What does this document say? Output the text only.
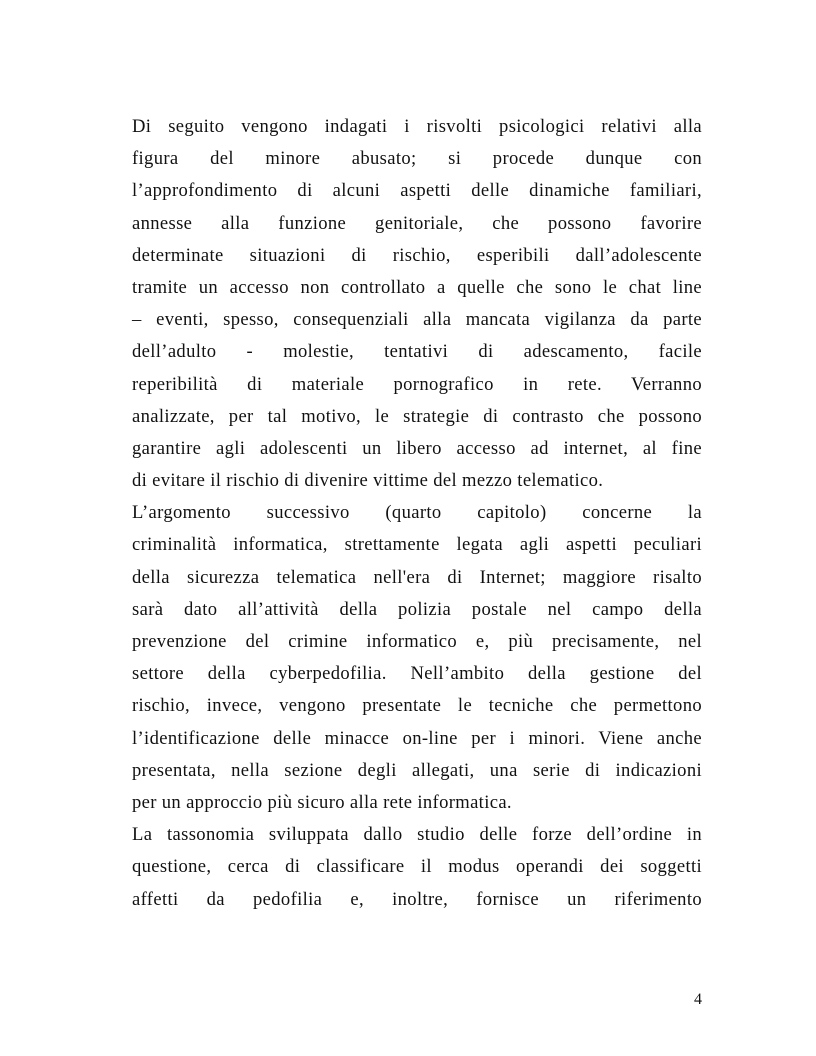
Di seguito vengono indagati i risvolti psicologici relativi alla
figura del minore abusato; si procede dunque con
l’approfondimento di alcuni aspetti delle dinamiche familiari,
annesse alla funzione genitoriale, che possono favorire
determinate situazioni di rischio, esperibili dall’adolescente
tramite un accesso non controllato a quelle che sono le chat line
– eventi, spesso, consequenziali alla mancata vigilanza da parte
dell’adulto - molestie, tentativi di adescamento, facile
reperibilità di materiale pornografico in rete. Verranno
analizzate, per tal motivo, le strategie di contrasto che possono
garantire agli adolescenti un libero accesso ad internet, al fine
di evitare il rischio di divenire vittime del mezzo telematico.
L’argomento successivo (quarto capitolo) concerne la
criminalità informatica, strettamente legata agli aspetti peculiari
della sicurezza telematica nell'era di Internet; maggiore risalto
sarà dato all’attività della polizia postale nel campo della
prevenzione del crimine informatico e, più precisamente, nel
settore della cyberpedofilia. Nell’ambito della gestione del
rischio, invece, vengono presentate le tecniche che permettono
l’identificazione delle minacce on-line per i minori. Viene anche
presentata, nella sezione degli allegati, una serie di indicazioni
per un approccio più sicuro alla rete informatica.
La tassonomia sviluppata dallo studio delle forze dell’ordine in
questione, cerca di classificare il modus operandi dei soggetti
affetti da pedofilia e, inoltre, fornisce un riferimento
4
